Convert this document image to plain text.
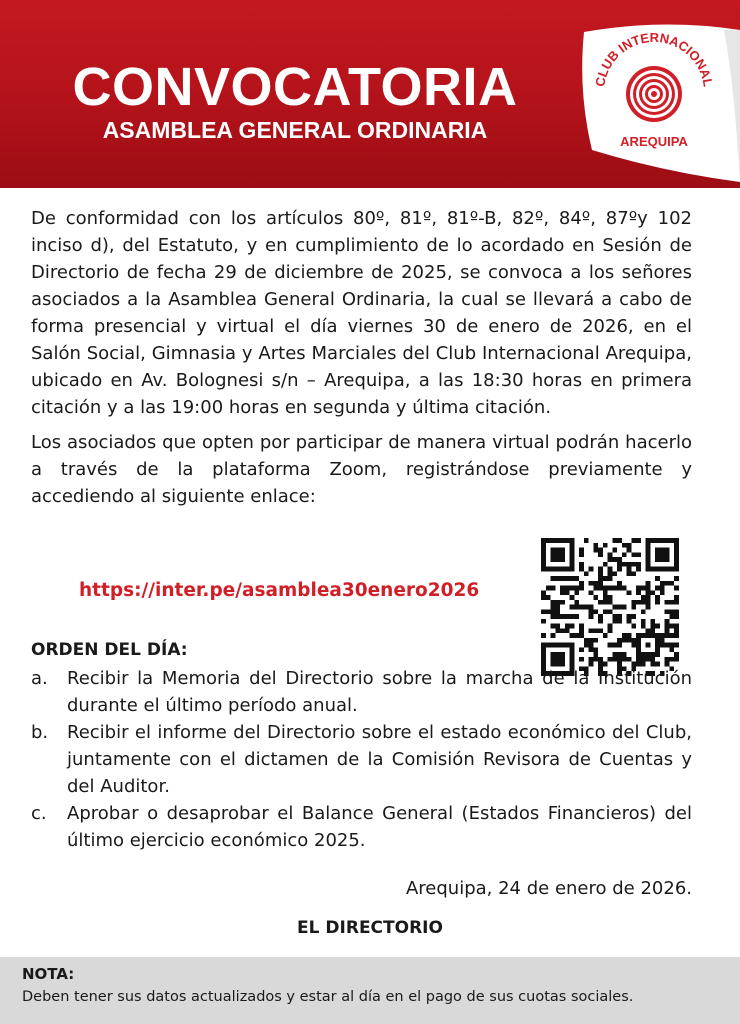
CONVOCATORIA
ASAMBLEA GENERAL ORDINARIA
CLUB INTERNACIONAL
AREQUIPA

De conformidad con los artículos 80º, 81º, 81º-B, 82º, 84º, 87ºy 102 inciso d), del Estatuto, y en cumplimiento de lo acordado en Sesión de Directorio de fecha 29 de diciembre de 2025, se convoca a los señores asociados a la Asamblea General Ordinaria, la cual se llevará a cabo de forma presencial y virtual el día viernes 30 de enero de 2026, en el Salón Social, Gimnasia y Artes Marciales del Club Internacional Arequipa, ubicado en Av. Bolognesi s/n – Arequipa, a las 18:30 horas en primera citación y a las 19:00 horas en segunda y última citación.

Los asociados que opten por participar de manera virtual podrán hacerlo a través de la plataforma Zoom, registrándose previamente y accediendo al siguiente enlace:

https://inter.pe/asamblea30enero2026
ORDEN DEL DÍA:
a.	Recibir la Memoria del Directorio sobre la marcha de la Institución durante el último período anual.
b.	Recibir el informe del Directorio sobre el estado económico del Club, juntamente con el dictamen de la Comisión Revisora de Cuentas y del Auditor.
c.	Aprobar o desaprobar el Balance General (Estados Financieros) del último ejercicio económico 2025.
Arequipa, 24 de enero de 2026.
EL DIRECTORIO
NOTA:
Deben tener sus datos actualizados y estar al día en el pago de sus cuotas sociales.
